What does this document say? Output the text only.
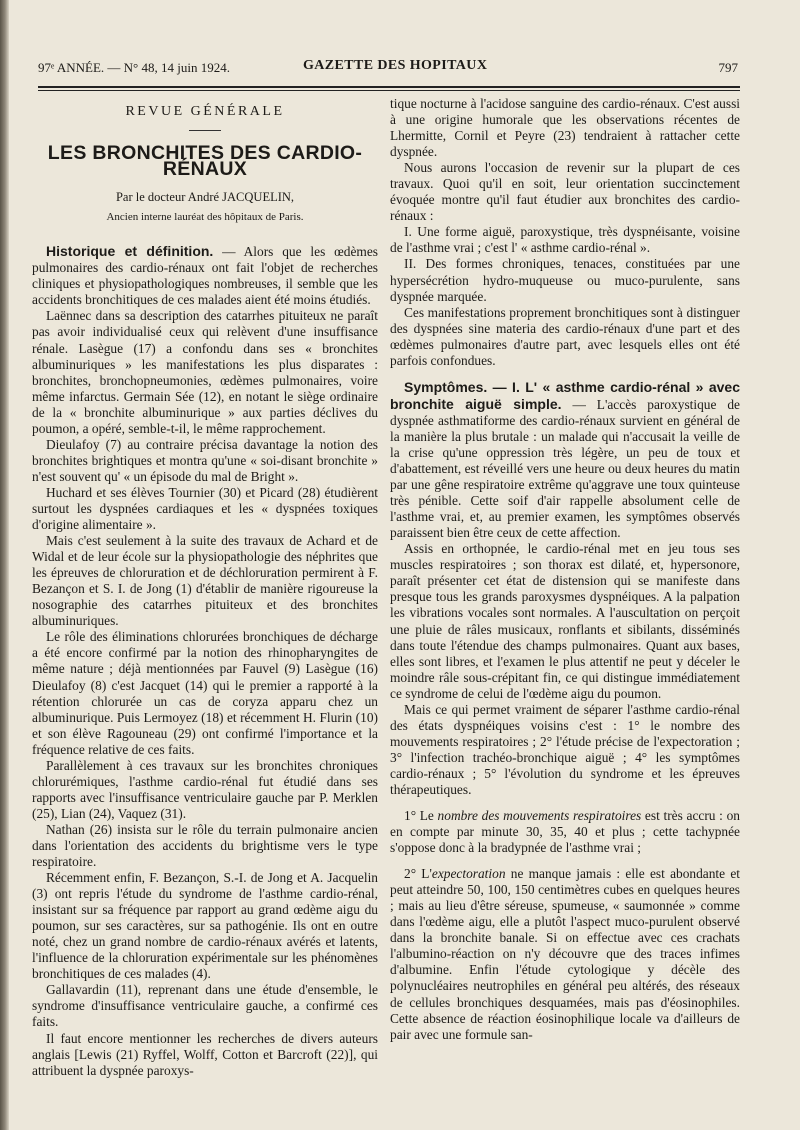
97ᵉ ANNÉE. — N° 48, 14 juin 1924.	GAZETTE DES HOPITAUX	797
REVUE GÉNÉRALE
LES BRONCHITES DES CARDIO-RÉNAUX
Par le docteur André JACQUELIN,
Ancien interne lauréat des hôpitaux de Paris.

Historique et définition. — Alors que les œdèmes pulmonaires des cardio-rénaux ont fait l'objet de recherches cliniques et physiopathologiques nombreuses, il semble que les accidents bronchitiques de ces malades aient été moins étudiés.

Laënnec dans sa description des catarrhes pituiteux ne paraît pas avoir individualisé ceux qui relèvent d'une insuffisance rénale. Lasègue (17) a confondu dans ses « bronchites albuminuriques » les manifestations les plus disparates : bronchites, bronchopneumonies, œdèmes pulmonaires, voire même infarctus. Germain Sée (12), en notant le siège ordinaire de la « bronchite albuminurique » aux parties déclives du poumon, a opéré, semble-t-il, le même rapprochement.

Dieulafoy (7) au contraire précisa davantage la notion des bronchites brightiques et montra qu'une « soi-disant bronchite » n'est souvent qu' « un épisode du mal de Bright ».

Huchard et ses élèves Tournier (30) et Picard (28) étudièrent surtout les dyspnées cardiaques et les « dyspnées toxiques d'origine alimentaire ».

Mais c'est seulement à la suite des travaux de Achard et de Widal et de leur école sur la physiopathologie des néphrites que les épreuves de chloruration et de déchloruration permirent à F. Bezançon et S. I. de Jong (1) d'établir de manière rigoureuse la nosographie des catarrhes pituiteux et des bronchites albuminuriques.

Le rôle des éliminations chlorurées bronchiques de décharge a été encore confirmé par la notion des rhinopharyngites de même nature ; déjà mentionnées par Fauvel (9) Lasègue (16) Dieulafoy (8) c'est Jacquet (14) qui le premier a rapporté à la rétention chlorurée un cas de coryza apparu chez un albuminurique. Puis Lermoyez (18) et récemment H. Flurin (10) et son élève Ragouneau (29) ont confirmé l'importance et la fréquence relative de ces faits.

Parallèlement à ces travaux sur les bronchites chroniques chlorurémiques, l'asthme cardio-rénal fut étudié dans ses rapports avec l'insuffisance ventriculaire gauche par P. Merklen (25), Lian (24), Vaquez (31).

Nathan (26) insista sur le rôle du terrain pulmonaire ancien dans l'orientation des accidents du brightisme vers le type respiratoire.

Récemment enfin, F. Bezançon, S.-I. de Jong et A. Jacquelin (3) ont repris l'étude du syndrome de l'asthme cardio-rénal, insistant sur sa fréquence par rapport au grand œdème aigu du poumon, sur ses caractères, sur sa pathogénie. Ils ont en outre noté, chez un grand nombre de cardio-rénaux avérés et latents, l'influence de la chloruration expérimentale sur les phénomènes bronchitiques de ces malades (4).

Gallavardin (11), reprenant dans une étude d'ensemble, le syndrome d'insuffisance ventriculaire gauche, a confirmé ces faits.

Il faut encore mentionner les recherches de divers auteurs anglais [Lewis (21) Ryffel, Wolff, Cotton et Barcroft (22)], qui attribuent la dyspnée paroxys-

tique nocturne à l'acidose sanguine des cardio-rénaux. C'est aussi à une origine humorale que les observations récentes de Lhermitte, Cornil et Peyre (23) tendraient à rattacher cette dyspnée.

Nous aurons l'occasion de revenir sur la plupart de ces travaux. Quoi qu'il en soit, leur orientation succinctement évoquée montre qu'il faut étudier aux bronchites des cardio-rénaux :

I. Une forme aiguë, paroxystique, très dyspnéisante, voisine de l'asthme vrai ; c'est l' « asthme cardio-rénal ».

II. Des formes chroniques, tenaces, constituées par une hypersécrétion hydro-muqueuse ou muco-purulente, sans dyspnée marquée.

Ces manifestations proprement bronchitiques sont à distinguer des dyspnées sine materia des cardio-rénaux d'une part et des œdèmes pulmonaires d'autre part, avec lesquels elles ont été parfois confondues.

Symptômes. — I. L' « asthme cardio-rénal » avec bronchite aiguë simple. — L'accès paroxystique de dyspnée asthmatiforme des cardio-rénaux survient en général de la manière la plus brutale : un malade qui n'accusait la veille de la crise qu'une oppression très légère, un peu de toux et d'abattement, est réveillé vers une heure ou deux heures du matin par une gêne respiratoire extrême qu'aggrave une toux quinteuse très pénible. Cette soif d'air rappelle absolument celle de l'asthme vrai, et, au premier examen, les symptômes observés paraissent bien être ceux de cette affection.

Assis en orthopnée, le cardio-rénal met en jeu tous ses muscles respiratoires ; son thorax est dilaté, et, hypersonore, paraît présenter cet état de distension qui se manifeste dans presque tous les grands paroxysmes dyspnéiques. A la palpation les vibrations vocales sont normales. A l'auscultation on perçoit une pluie de râles musicaux, ronflants et sibilants, disséminés dans toute l'étendue des champs pulmonaires. Quant aux bases, elles sont libres, et l'examen le plus attentif ne peut y déceler le moindre râle sous-crépitant fin, ce qui distingue immédiatement ce syndrome de celui de l'œdème aigu du poumon.

Mais ce qui permet vraiment de séparer l'asthme cardio-rénal des états dyspnéiques voisins c'est : 1° le nombre des mouvements respiratoires ; 2° l'étude précise de l'expectoration ; 3° l'infection trachéo-bronchique aiguë ; 4° les symptômes cardio-rénaux ; 5° l'évolution du syndrome et les épreuves thérapeutiques.

1° Le nombre des mouvements respiratoires est très accru : on en compte par minute 30, 35, 40 et plus ; cette tachypnée s'oppose donc à la bradypnée de l'asthme vrai ;

2° L'expectoration ne manque jamais : elle est abondante et peut atteindre 50, 100, 150 centimètres cubes en quelques heures ; mais au lieu d'être séreuse, spumeuse, « saumonnée » comme dans l'œdème aigu, elle a plutôt l'aspect muco-purulent observé dans la bronchite banale. Si on effectue avec ces crachats l'albumino-réaction on n'y découvre que des traces infimes d'albumine. Enfin l'étude cytologique y décèle des polynucléaires neutrophiles en général peu altérés, des réseaux de cellules bronchiques desquamées, mais pas d'éosinophiles. Cette absence de réaction éosinophilique locale va d'ailleurs de pair avec une formule san-
